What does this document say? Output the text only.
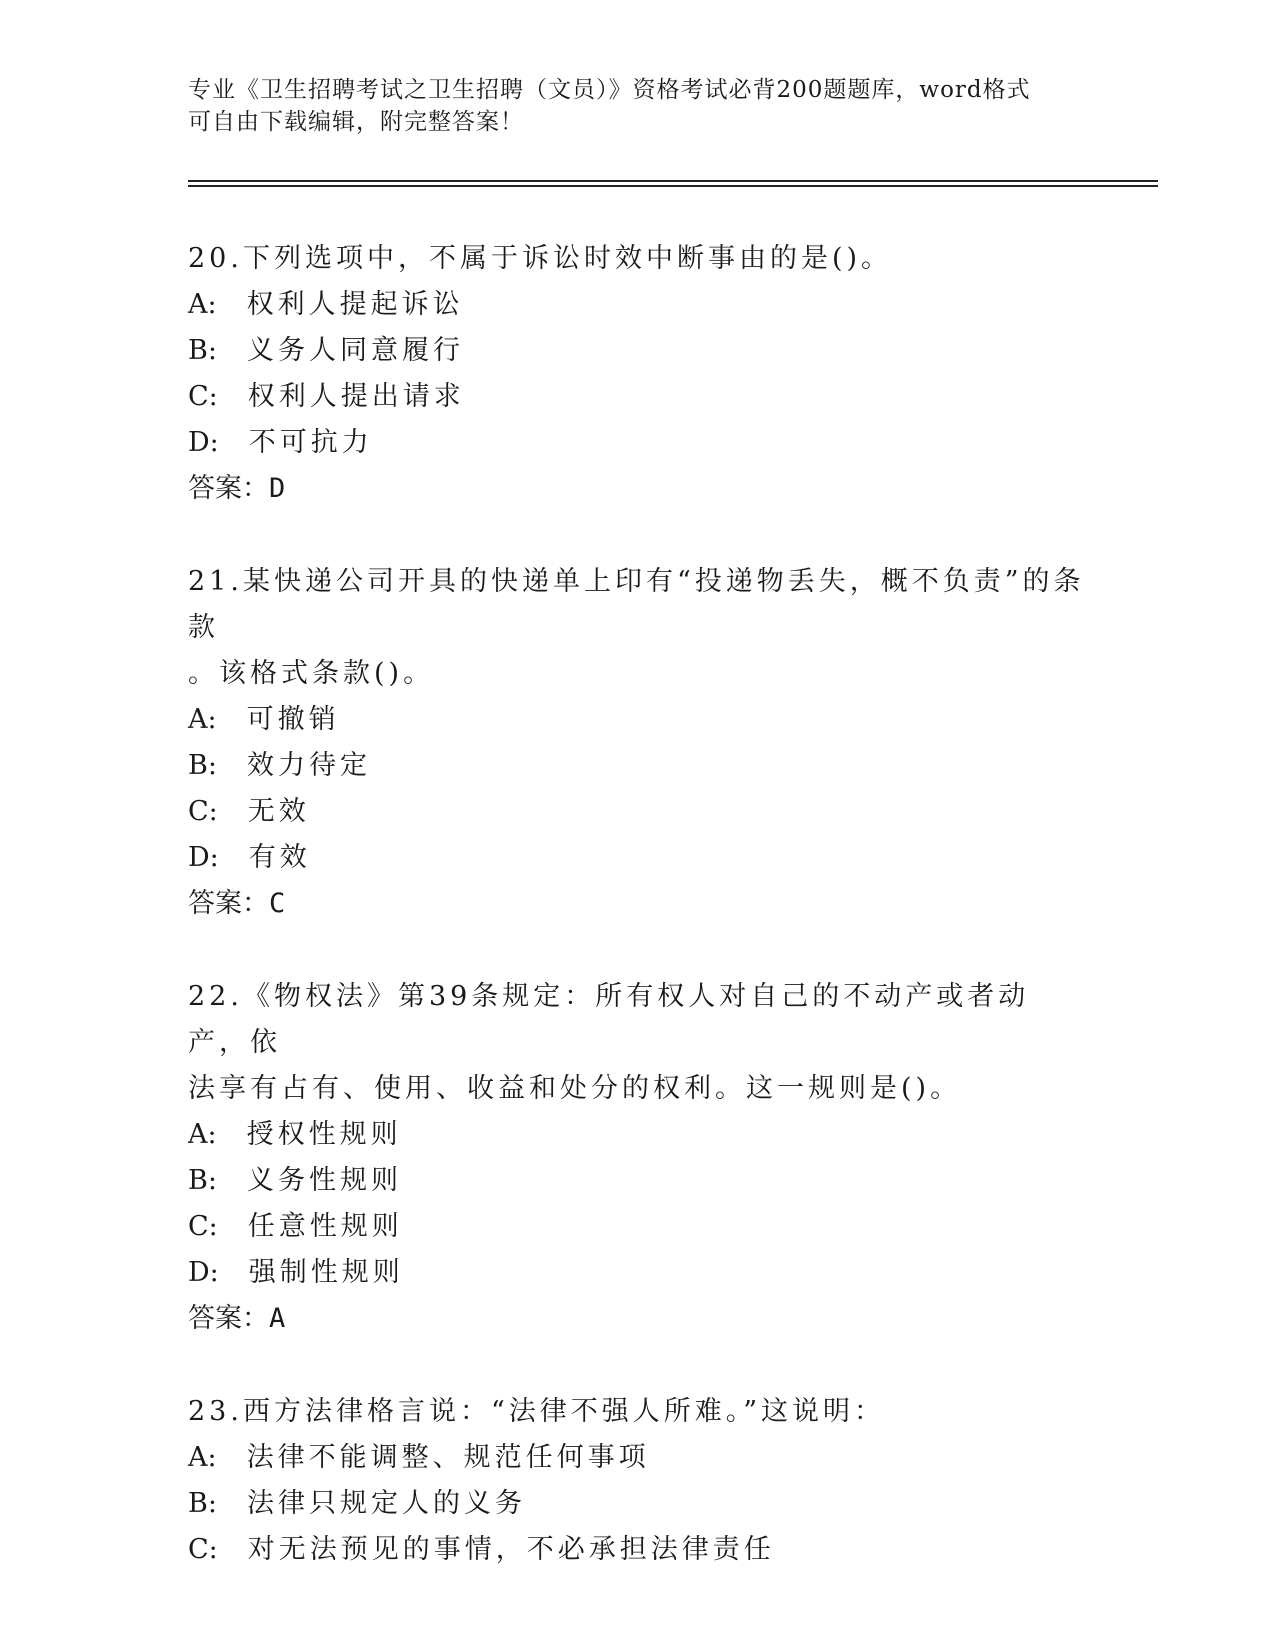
专业《卫生招聘考试之卫生招聘（文员）》资格考试必背200题题库，word格式
可自由下载编辑，附完整答案！

20.下列选项中，不属于诉讼时效中断事由的是()。

A: 权利人提起诉讼
B: 义务人同意履行
C: 权利人提出请求
D: 不可抗力
答案：D

21.某快递公司开具的快递单上印有“投递物丢失，概不负责”的条款

。该格式条款()。

A: 可撤销
B: 效力待定
C: 无效
D: 有效
答案：C

22.《物权法》第39条规定：所有权人对自己的不动产或者动产，依

法享有占有、使用、收益和处分的权利。这一规则是()。

A: 授权性规则
B: 义务性规则
C: 任意性规则
D: 强制性规则
答案：A

23.西方法律格言说：“法律不强人所难。”这说明：

A: 法律不能调整、规范任何事项
B: 法律只规定人的义务
C: 对无法预见的事情，不必承担法律责任
